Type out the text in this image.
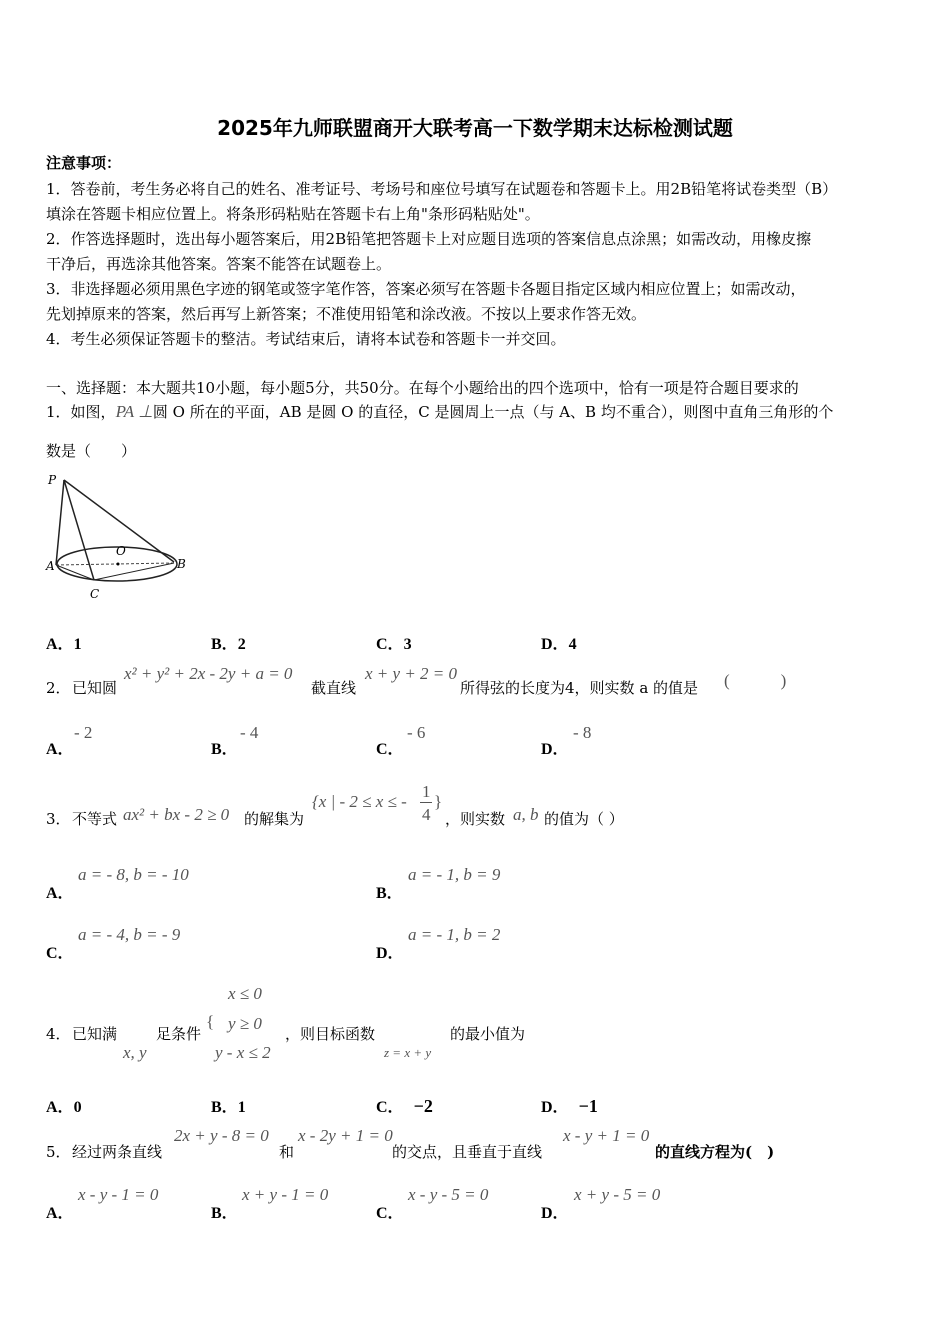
2025年九师联盟商开大联考高一下数学期末达标检测试题
注意事项：
1．答卷前，考生务必将自己的姓名、准考证号、考场号和座位号填写在试题卷和答题卡上。用2B铅笔将试卷类型（B）
填涂在答题卡相应位置上。将条形码粘贴在答题卡右上角"条形码粘贴处"。
2．作答选择题时，选出每小题答案后，用2B铅笔把答题卡上对应题目选项的答案信息点涂黑；如需改动，用橡皮擦
干净后，再选涂其他答案。答案不能答在试题卷上。
3．非选择题必须用黑色字迹的钢笔或签字笔作答，答案必须写在答题卡各题目指定区域内相应位置上；如需改动，
先划掉原来的答案，然后再写上新答案；不准使用铅笔和涂改液。不按以上要求作答无效。
4．考生必须保证答题卡的整洁。考试结束后，请将本试卷和答题卡一并交回。
一、选择题：本大题共10小题，每小题5分，共50分。在每个小题给出的四个选项中，恰有一项是符合题目要求的
1．如图，PA ⊥圆 O 所在的平面，AB 是圆 O 的直径，C 是圆周上一点（与 A、B 均不重合），则图中直角三角形的个
数是（　　）
P
A	B
C
O
A．1	B．2	C．3	D．4
2． 已知圆
x² + y² + 2x - 2y + a = 0
截直线
x + y + 2 = 0
所得弦的长度为4，则实数 a 的值是 (　　　)
A．
- 2
B．
- 4
C．
- 6
D．
- 8
3． 不等式 ax² + bx - 2 ≥ 0 的解集为
{x | - 2 ≤ x ≤ -
1
4
}
，则实数 a, b 的值为（ ）
A．
a = - 8, b = - 10
B．
a = - 1, b = 9
C．
a = - 4, b = - 9
D．
a = - 1, b = 2
4． 已知满
x, y
足条件
{
x ≤ 0
y ≥ 0
y - x ≤ 2
，则目标函数
z = x + y
的最小值为
A．0	B．1	C． −2	D． −1
5． 经过两条直线
2x + y - 8 = 0
和
x - 2y + 1 = 0
的交点，且垂直于直线
x - y + 1 = 0
的直线方程为(　)
A．
x - y - 1 = 0
B．
x + y - 1 = 0
C．
x - y - 5 = 0
D．
x + y - 5 = 0
